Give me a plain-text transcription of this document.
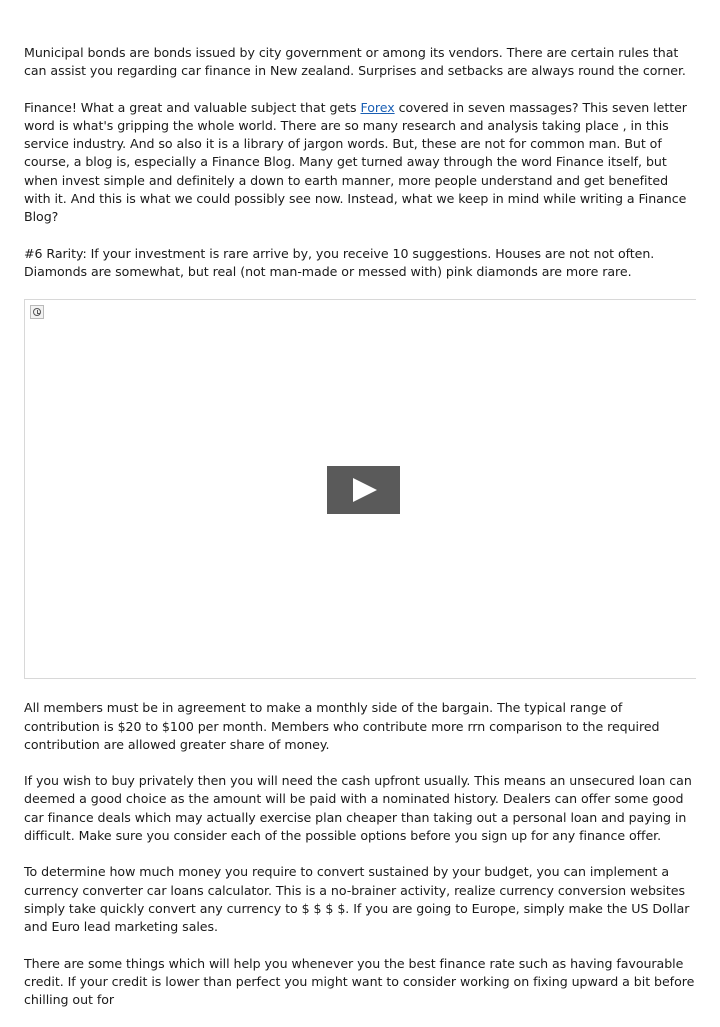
Municipal bonds are bonds issued by city government or among its vendors. There are certain rules that can assist you regarding car finance in New zealand. Surprises and setbacks are always round the corner.

Finance! What a great and valuable subject that gets Forex covered in seven massages? This seven letter word is what's gripping the whole world. There are so many research and analysis taking place , in this service industry. And so also it is a library of jargon words. But, these are not for common man. But of course, a blog is, especially a Finance Blog. Many get turned away through the word Finance itself, but when invest simple and definitely a down to earth manner, more people understand and get benefited with it. And this is what we could possibly see now. Instead, what we keep in mind while writing a Finance Blog?

#6 Rarity: If your investment is rare arrive by, you receive 10 suggestions. Houses are not not often. Diamonds are somewhat, but real (not man-made or messed with) pink diamonds are more rare.

All members must be in agreement to make a monthly side of the bargain. The typical range of contribution is $20 to $100 per month. Members who contribute more rrn comparison to the required contribution are allowed greater share of money.

If you wish to buy privately then you will need the cash upfront usually. This means an unsecured loan can deemed a good choice as the amount will be paid with a nominated history. Dealers can offer some good car finance deals which may actually exercise plan cheaper than taking out a personal loan and paying in difficult. Make sure you consider each of the possible options before you sign up for any finance offer.

To determine how much money you require to convert sustained by your budget, you can implement a currency converter car loans calculator. This is a no-brainer activity, realize currency conversion websites simply take quickly convert any currency to $ $ $ $. If you are going to Europe, simply make the US Dollar and Euro lead marketing sales.

There are some things which will help you whenever you the best finance rate such as having favourable credit. If your credit is lower than perfect you might want to consider working on fixing upward a bit before chilling out for
